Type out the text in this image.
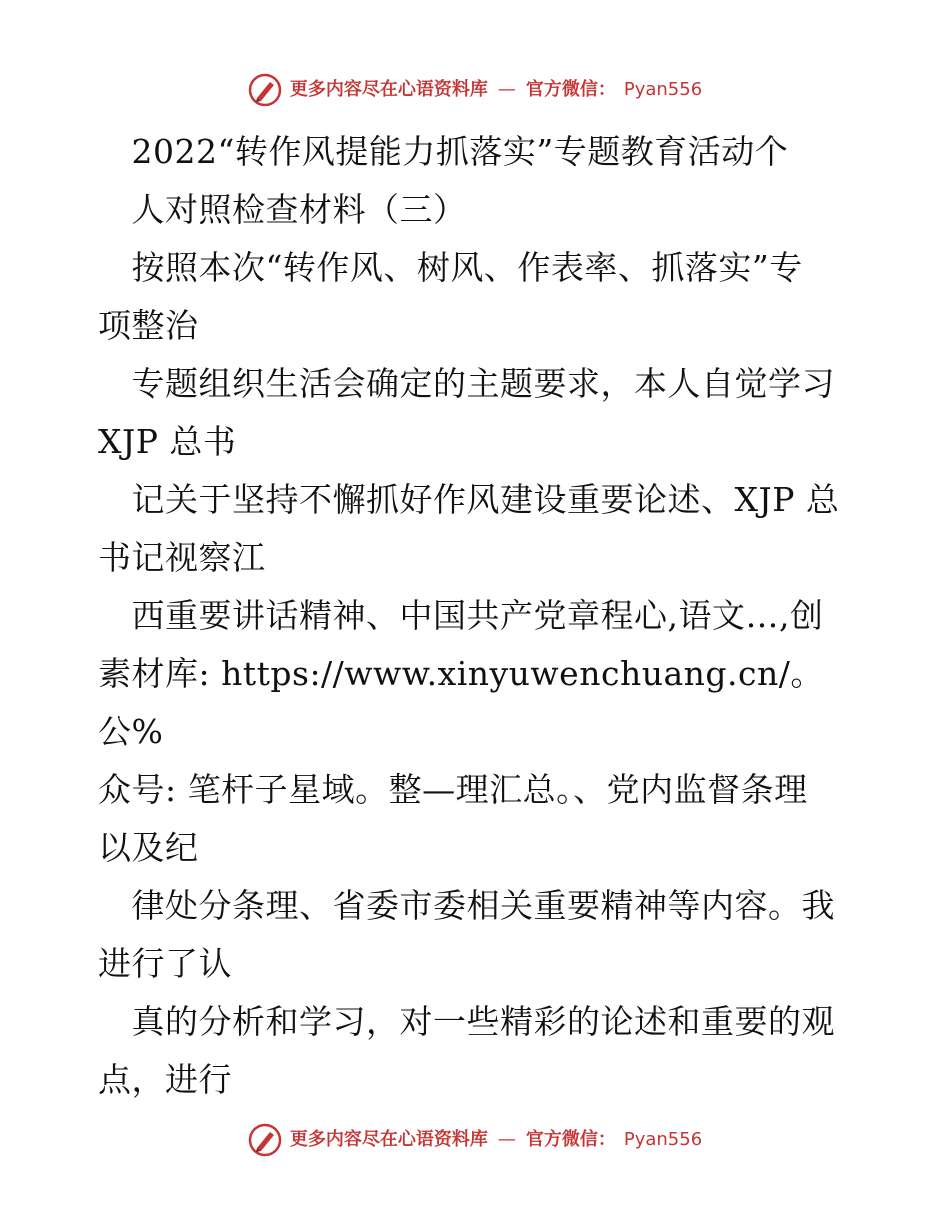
更多内容尽在心语资料库 — 官方微信： Pyan556

　2022“转作风提能力抓落实”专题教育活动个

　人对照检查材料（三）

　按照本次“转作风、树风、作表率、抓落实”专

项整治

　专题组织生活会确定的主题要求，本人自觉学习

XJP 总书

　记关于坚持不懈抓好作风建设重要论述、XJP 总

书记视察江

　西重要讲话精神、中国共产党章程心,语文…,创

素材库: https://www.xinyuwenchuang.cn/。公%

众号: 笔杆子星域。整—理汇总。、党内监督条理

以及纪

　律处分条理、省委市委相关重要精神等内容。我

进行了认

　真的分析和学习，对一些精彩的论述和重要的观

点，进行

更多内容尽在心语资料库 — 官方微信： Pyan556
